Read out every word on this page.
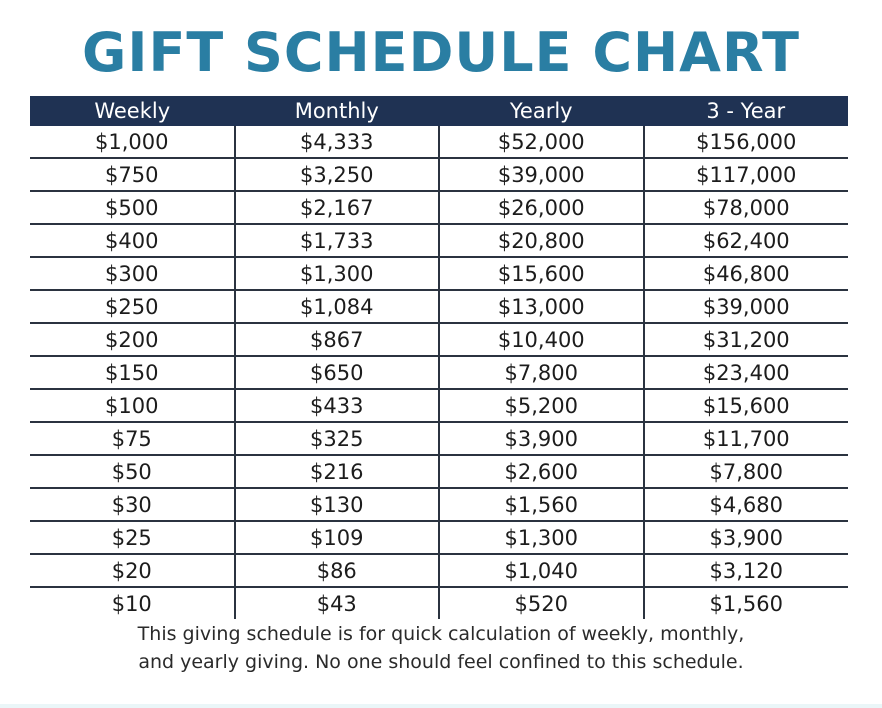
GIFT SCHEDULE CHART
Weekly	Monthly	Yearly	3 - Year
$1,000	$4,333	$52,000	$156,000
$750	$3,250	$39,000	$117,000
$500	$2,167	$26,000	$78,000
$400	$1,733	$20,800	$62,400
$300	$1,300	$15,600	$46,800
$250	$1,084	$13,000	$39,000
$200	$867	$10,400	$31,200
$150	$650	$7,800	$23,400
$100	$433	$5,200	$15,600
$75	$325	$3,900	$11,700
$50	$216	$2,600	$7,800
$30	$130	$1,560	$4,680
$25	$109	$1,300	$3,900
$20	$86	$1,040	$3,120
$10	$43	$520	$1,560
This giving schedule is for quick calculation of weekly, monthly,
and yearly giving. No one should feel confined to this schedule.
